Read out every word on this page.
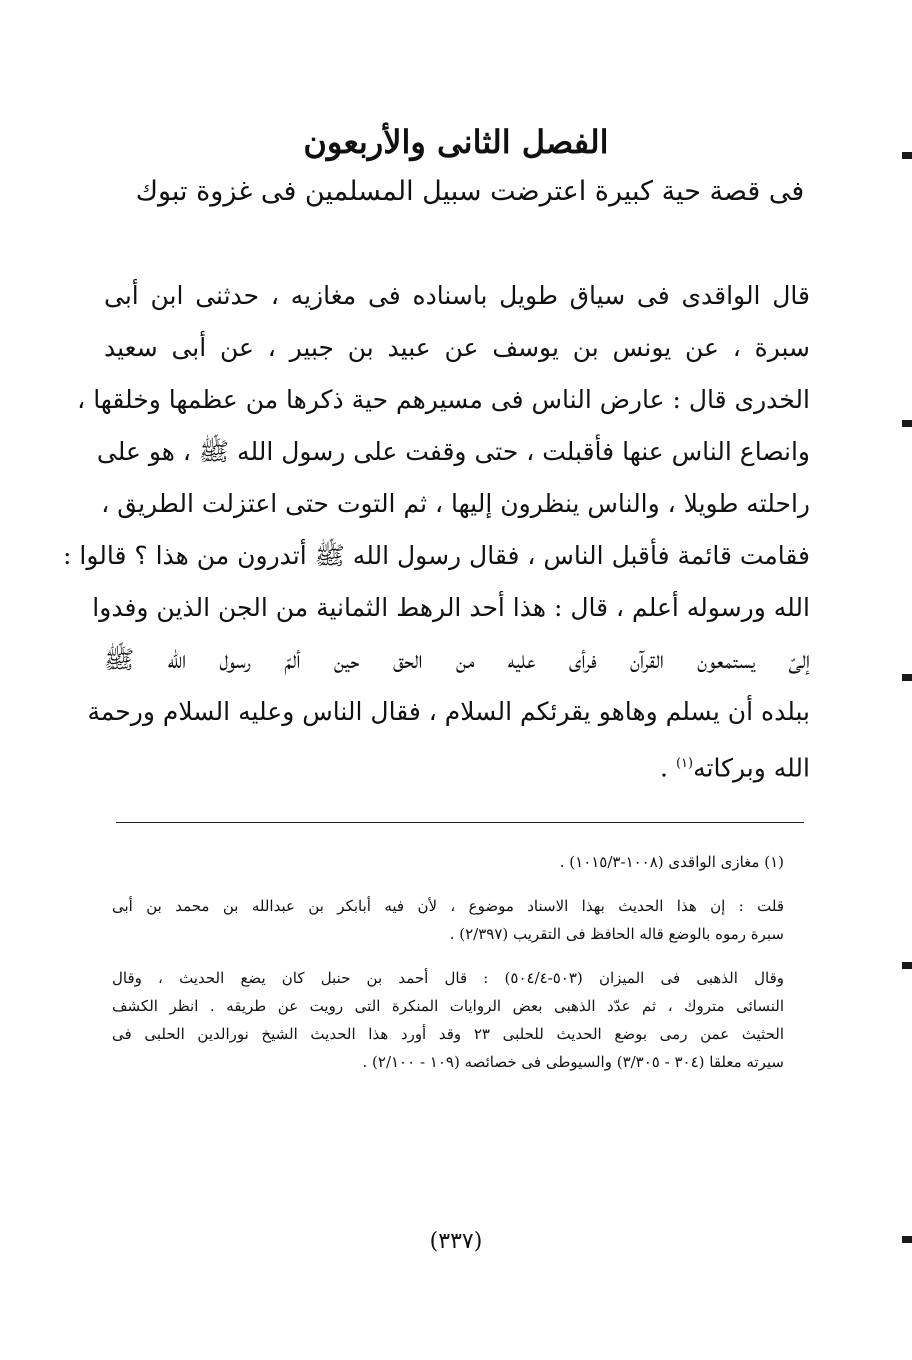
الفصل الثانى والأربعون
فى قصة حية كبيرة اعترضت سبيل المسلمين فى غزوة تبوك
قال الواقدى فى سياق طويل باسناده فى مغازيه ، حدثنى ابن أبى
سبرة ، عن يونس بن يوسف عن عبيد بن جبير ، عن أبى سعيد
الخدرى قال : عارض الناس فى مسيرهم حية ذكرها من عظمها وخلقها ،
وانصاع الناس عنها فأقبلت ، حتى وقفت على رسول الله ﷺ ، هو على
راحلته طويلا ، والناس ينظرون إليها ، ثم التوت حتى اعتزلت الطريق ،
فقامت قائمة فأقبل الناس ، فقال رسول الله ﷺ أتدرون من هذا ؟ قالوا :
الله ورسوله أعلم ، قال : هذا أحد الرهط الثمانية من الجن الذين وفدوا
إلىّ يستمعون القرآن فرأى عليه من الحق حين ألمّ رسول الله ﷺ
ببلده أن يسلم وهاهو يقرئكم السلام ، فقال الناس وعليه السلام ورحمة
الله وبركاته$^{(١)}$ .
(١) مغازى الواقدى (١٠٠٨-١٠١٥/٣) .
قلت : إن هذا الحديث بهذا الاسناد موضوع ، لأن فيه أبابكر بن عبدالله بن محمد بن أبى
سبرة رموه بالوضع قاله الحافظ فى التقريب (٢/٣٩٧) .
وقال الذهبى فى الميزان (٥٠٣-٥٠٤/٤) : قال أحمد بن حنبل كان يضع الحديث ، وقال
النسائى متروك ، ثم عدّد الذهبى بعض الروايات المنكرة التى رويت عن طريقه . انظر الكشف
الحثيث عمن رمى بوضع الحديث للحلبى ٢٣ وقد أورد هذا الحديث الشيخ نورالدين الحلبى فى
سيرته معلقا (٣٠٤ - ٣/٣٠٥) والسيوطى فى خصائصه (١٠٩ - ٢/١٠٠) .
(٣٣٧)
